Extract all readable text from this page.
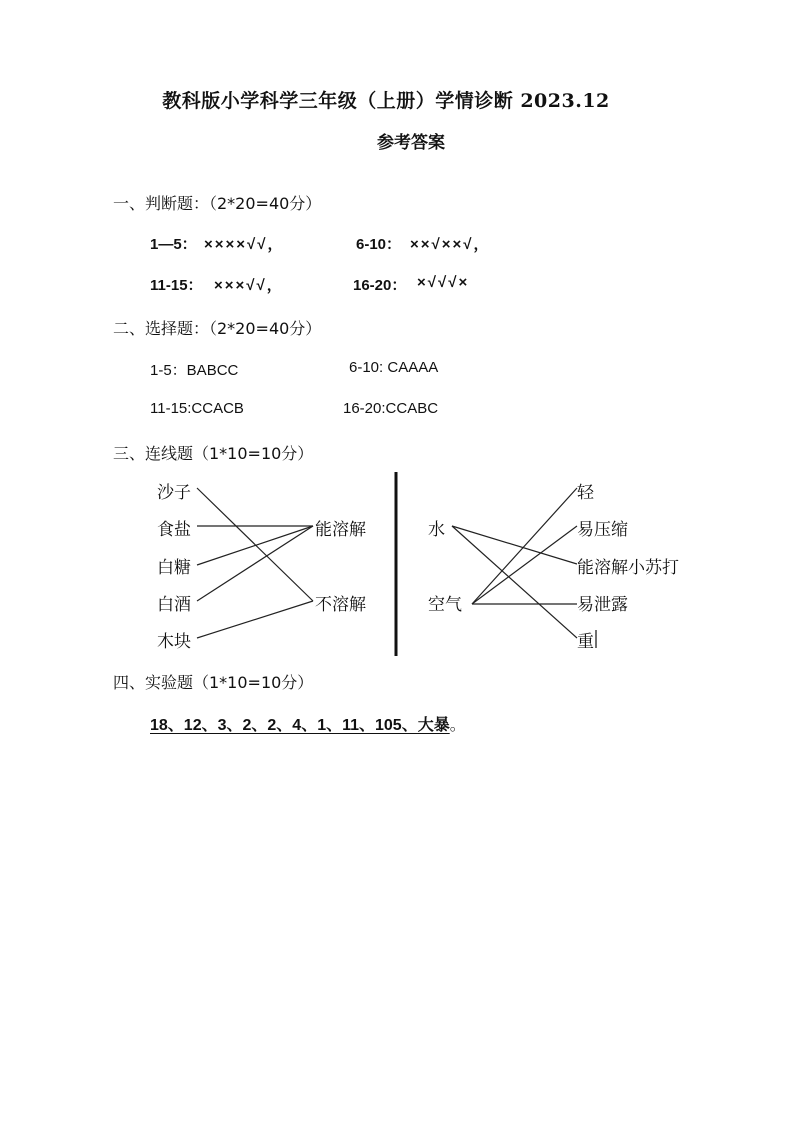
教科版小学科学三年级（上册）学情诊断 2023.12
参考答案
一、判断题：（2*20=40分）
1—5： ××××√√，	6-10： ××√××√，
11-15： ×××√√，	16-20： ×√√√×
二、选择题：（2*20=40分）
1-5：BABCC	6-10: CAAAA
11-15:CCACB	16-20:CCABC
三、连线题（1*10=10分）
沙子
食盐
白糖
白酒
木块
能溶解
不溶解
水
空气
轻
易压缩
能溶解小苏打
易泄露
重
四、实验题（1*10=10分）
18、12、3、2、2、4、1、11、105、大暴。
